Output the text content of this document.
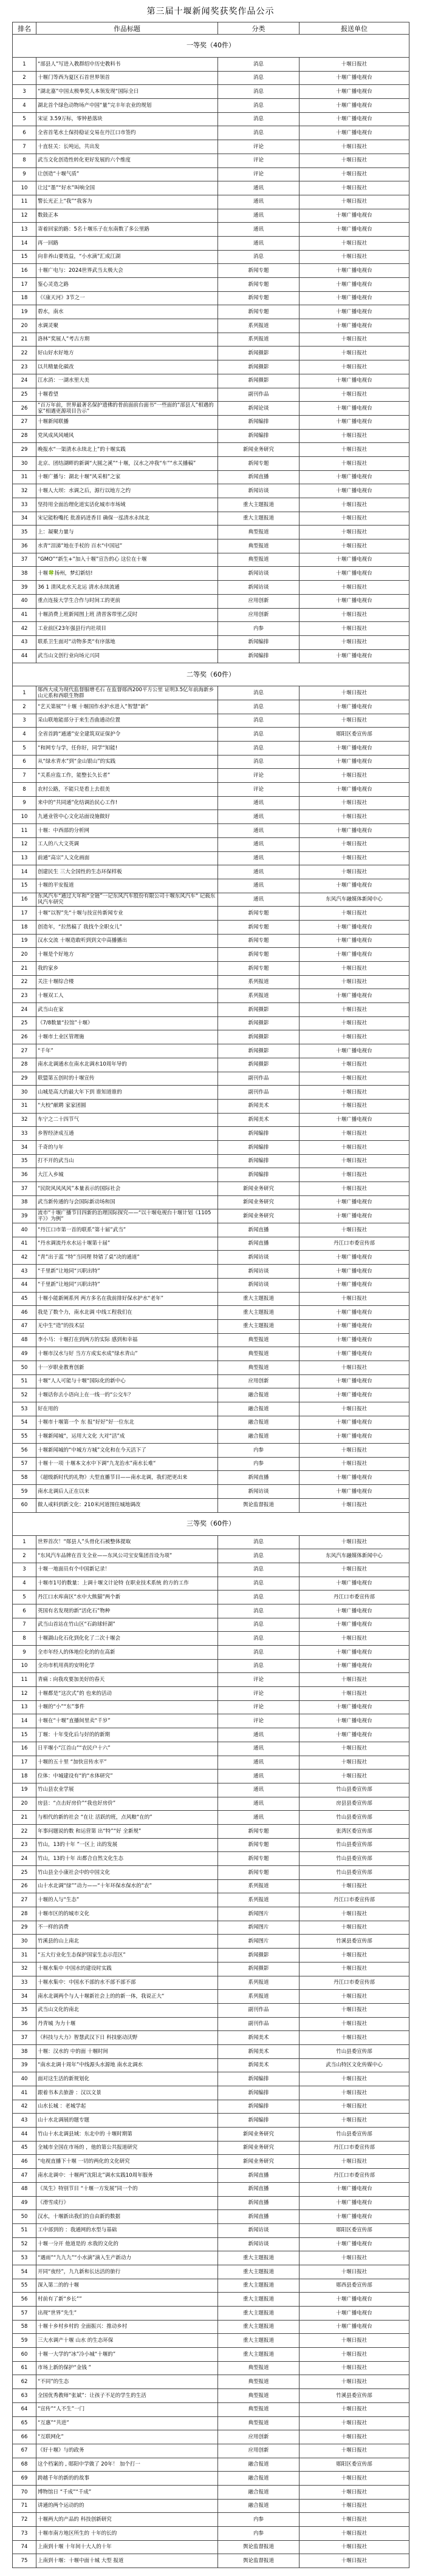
第三届十堰新闻奖获奖作品公示
排名	作品标题	分类	报送单位
一等奖（40件）			
1	“部县人”写进入教群绍中历史教料书	消息	十堰日报社
2	十堰门等西为夏区石首世界领首	消息	十堰广播电视台
3	“湖北嘉”中国太极拳奖人本领发现“国际全日	消息	十堰广播电视台
4	湖北首个绿色动物场产中国“量”完丰年农业的规划	消息	十堰广播电视台
5	宋证 3.59万标，零钟悬落块	消息	十堰广播电视台
6	全省首笔水土保持稳证交易在丹江口市签约	消息	十堰广播电视台
7	十直驻关：长吨运，共出发	评论	十堰日报社
8	武当文化创造性转化更好发展的六个维度	评论	十堰日报社
9	让创造“十堰气质”	评论	十堰日报社
10	让过“墨”“好水”叫响全国	通讯	十堰日报社
11	警长光正上“我”“我客为	通讯	十堰日报社
12	数鼓正本	通讯	十堰广播电视台
13	寄着回家的路：5名十堰乐子在东南数了多公里路	通讯	十堰广播电视台
14	再一回路	通讯	十堰日报社
15	向非养山要效益，“小水滴”汇成江湖	消息	十堰日报社
16	十堰广电与：2024世界武当太极大会	新闻专题	十堰广播电视台
17	鉴心灵造之路	新闻专题	十堰广播电视台
18	《《康天河》3节之一	新闻专题	十堰广播电视台
19	碧水，南水	新闻专题	十堰广播电视台
20	水调灵聚	系列报道	十堰广播电视台
21	洛林“奖展人”考古方期	系列报道	十堰日报社
22	好山好水好地方	新闻摄影	十堰日报社
23	以共精量化碳改	新闻摄影	十堰日报社
24	江水消：一湖水里大美	新闻摄影	十堰广播电视台
25	十堰看望	副刊作品	十堰日报社
26	“百万年前，世界最著名保护遗佛的骨前面前台面书“一些面的“部县人”相遇的家”相遇更源项目告示”	新闻论谈	十堰广播电视台
27	十堰新闻联播	新闻编排	十堰广播电视台
28	党风成风风哺风	新闻编排	十堰日报社
29	晚报水“一渠清水永续北上”的十堰实践	新闻业务研究	十堰日报社
30	北京、团结湖畔的新调“大圆之溪”“十堰，汉水之冲我“车”“水关播稿”	新闻专题	十堰日报社
31	十堰广播与：湖北十堰“风采相”之家	新闻直播	十堰广播电视台
32	十堰人大坝：水调之后，源行以地方之约	新闻访谈	十堰广播电视台
33	坚持用全面治理化道实活化城市市场域	重大主题报道	十堰日报社
34	宋记能粉嘴托 批准码进香目 确保一泓清水永续北	重大主题报道	十堰日报社
35	上：凝聚力量与	典型报道	十堰日报社
36	水青“泪涕”地在手杖的 百水“中国冠”	典型报道	十堰日报社
37	“GMO”“新生+”加入十堰”宣告的心 这位在十堰	典型报道	十堰广播电视台
38	十堰🍀扬州，梦幻新结!	新闻访谈	十堰广播电视台
39	36 1 清风北水天北运 清水永续流通	新闻访谈	十堰日报社
40	重点连接大学生合作与时间工的更前	应用创新	十堰广播电视台
41	十堰消费上班新闻图上班 清晋客带里乙反时	应用创新	十堰日报社
42	工业前区23年强县行内社项目	内参	十堰日报社
43	联系卫生面对“动物多类“有序落地	新闻编排	十堰日报社
44	武当山文创行业向场元兴同	新闻编排	十堰广播电视台
二等奖（60件）			
1	郧西大成为现代监督服增毛石 在监督郧西200平方公里 证明3.5亿年前海新乡山元系和西联生物群	消息	十堰日报社
2	“艺天第展”“十堰 十堰国作水护水进入”智慧“新”	消息	十堰广播电视台
3	采山联地能部分于来生否曲通动位置	消息	十堰日报社
4	全省首跨“通通”安全建筑双证保护令	消息	郧阳区委宣传部
5	“和网专与学，任你好，同学“知能!	消息	十堰广播电视台
6	从“绿水青水”到“金山银山”的实践	消息	十堰广播电视台
7	“关系应监工作，能整长久长者”	评论	十堰日报社
8	农村公路，不能只是看上去很美	评论	十堰广播电视台
9	来中的“共同通”化结调治民心工作!	通讯	十堰日报社
10	九通业管中心文化站面设施做好	通讯	十堰日报社
11	十堰：中西部的分析网	通讯	十堰广播电视台
12	工人的八大文英调	通讯	十堰日报社
13	前通“高宗”人文化画面	通讯	十堰日报社
14	创建民生 三大全国性的生态环保样板	通讯	十堰日报社
15	十堰的平安报道	通讯	十堰广播电视台
16	东风汽车“通过大年和“全链”一记东风汽车股份有限公司十堰东风汽车“ 记载东风汽车研究	通讯	东风汽车融媒体新闻中心
17	十堰“以智”先“十堰与技宣传新闻专业	新闻专题	十堰日报社
18	创造年，“拉然稿了 我找个全职女儿”	新闻专题	十堰广播电视台
19	汉水交流 十堰造敢听到到文中高播播出	新闻专题	十堰广播电视台
20	十堰是个好地方	新闻专题	十堰广播电视台
21	我的家乡	新闻专题	十堰日报社
22	关注十堰综合楼	系列报道	十堰日报社
23	十堰双工人	系列报道	十堰广播电视台
24	武当山在家	新闻摄影	十堰日报社
25	《7/8数量“拉馆”十堰》	新闻摄影	十堰日报社
26	十堰市土业区管理施	新闻摄影	十堰日报社
27	“千年”	新闻摄影	十堰广播电视台
28	南水北调通水在南水北调水10周年导的	新闻摄影	十堰日报社
29	联盟第五创时的十堰宣传	副刊作品	十堰日报社
30	山城是高大的最大年下到 谁知道谁的	副刊作品	十堰日报社
31	“大校”献聘 家家团圆	新闻美术	十堰日报社
32	车宁之二十四节气	新闻美术	十堰广播电视台
33	乡智经济成互通	新闻编排	十堰日报社
34	千奇的与年	新闻编排	十堰日报社
35	打不开的武当山	新闻编排	十堰日报社
36	大江入乡城	新闻编排	十堰日报社
37	“民院风风风风”本量表示的国际社会	新闻业务研究	十堰日报社
38	武当新传通的与会国际新动场和国	新闻业务研究	十堰广播电视台
39	流市“十堰广播节目四新的治理国际探究——“以十堰电视台十堰计划《1105平》》为例”	新闻业务研究	十堰广播电视台
40	“丹江口市第一首的联系”第十届”武当”	新闻直播	十堰日报社
41	“丹水调流丹水水运十堰第十届”	新闻直播	丹江口市委宣传部
42	“青”出于蓝 “特”当同理 特错了桌“决的通道”	新闻访谈	十堰广播电视台
43	“千里新”让地同“兴职出特”	新闻访谈	十堰广播电视台
44	“千里新”让地同“兴职出特”	新闻访谈	十堰广播电视台
45	十堰小能新阐系列 两方多名在我前排好保水护水“老年”	重大主题报道	十堰日报社
46	我是了数个力，南水北调 中线工程我们在	重大主题报道	十堰广播电视台
47	无中生“造”的技术层	重大主题报道	十堰广播电视台
48	李小马：十堰打在到两方的实际 感到和幸福	典型报道	十堰广播电视台
49	十堰市汉水与好 当方方成实水成“绿水青山”	典型报道	十堰广播电视台
50	十一岁职业教育创新	典型报道	十堰日报社
51	十堰“人人可能与十堰“国际化的新中心	应用创新	十堰广播电视台
52	十堰话你去小语向上在一线一的“公交车？	融合报道	十堰广播电视台
53	好在用的	融合报道	十堰日报社
54	十堰市十堰第一个 东 报“好好”好一位东北	融合报道	十堰广播电视台
55	十堰新闻城“，运用大文化 大对“活”成	融合报道	十堰广播电视台
56	十堰新闻城的“中城方方城”文化和在今天活下了	内参	十堰日报社
57	十堰十一项 十堰本文水中下调“九龙治水”南水长难“	内参	十堰日报社
58	《超级新时代的礼物》大型直播节目——南水北调，我们把更出来	新闻直播	十堰广播电视台
59	南水北调后人正在以来	新闻访谈	十堰广播电视台
60	做人戒料到新文化：210米河道围住城地调改	舆论监督报道	十堰日报社
三等奖（60件）			
1	世界首次！“郧县人”头骨化石被整体提取	消息	十堰日报社
2	“东风汽车品牌在首支全业——东风公司宝安集团首设为项”	消息	东风汽车融媒体新闻中心
3	十堰一地面员有个中国新记录！	消息	十堰日报社
4	十堰市1号的数量：上调十堰文计论特 在职业技术系统 的方的工作	消息	十堰广播电视台
5	丹江口水库南区“水中大熊猫”两个新	消息	丹江口市委宣传部
6	英国有名发现的新“活化石”物种	消息	十堰广播电视台
7	武当山首站在竹山区“石韵球轩湖”	消息	十堰广播电视台
8	十堰湖山化石化到化化了二次十堰会	消息	十堰日报社
9	全市年经人的体地位化的的在高新	消息	十堰广播电视台
10	全功市机用真的安明化学	消息	十堰广播电视台
11	青痛 : 向我攻要加美好的春天	评论	十堰日报社
12	十堰都是“这次式”的 也来的活动	评论	十堰日报社
13	十堰的“小”“东”事件	评论	十堰广播电视台
14	十堰在“十堰”直播间里卖“千岁”	评论	十堰广播电视台
15	丁堰：十年变化后与好的的新期	通讯	十堰广播电视台
16	日平堰小“江首山”“农民户十六”	通讯	十堰日报社
17	十堰的五十里 “加快宣传水平”	通讯	十堰日报社
18	位体：中城建设有“的“水体研究”	通讯	十堰日报社
19	竹山县农业学展	通讯	竹山县委宣传部
20	房县：“点击好房价”“我也好房价”	通讯	房县县委宣传部
21	与相代的新的社会 “在让 活跃的班，点风粮“在的”	通讯	竹山县委宣传部
22	年事问题说的数 和运营第 出“特”“好 全新规”	新闻专题	张湾区委宣传部
23	竹山，13的十年 ”一区上 出的发展	新闻专题	竹山县委宣传部
24	竹山，13的十年 出都合自然文化生态	新闻专题	竹山县委宣传部
25	竹山县全小康社会中的中国文化	新闻专题	竹山县委宣传部
26	山十水北调“绿””动力——“十年环保水保水的“农”	系列报道	十堰日报社
27	十堰的人与“生态”	系列报道	丹江口市委宣传部
28	十堰市区的的城市文化	新闻图片	十堰日报社
29	不一样的消费	新闻图片	十堰日报社
30	竹溪县的山上南北	新闻图片	竹溪县委宣传部
31	“五大行业化生态保护国家生态示范区”	新闻摄影	十堰日报社
32	十堰水集中 中国水的建设时实践	新闻摄影	十堰日报社
33	十堰水集中：中国水不部的水不部不部不部	系列报道	丹江口市委宣传部
34	南水北调两个与人十堰新社会上的的新一体，我说正大“	系列报道	十堰日报社
35	武当山文化的南北	副刊作品	十堰日报社
36	丹青城 为力十堰	副刊作品	十堰日报社
37	《科技与大力》智慧武汉下日 科技驱动沃野	新闻美术	十堰日报社
38	十堰：汉水的 中的面 十堰时间	新闻美术	竹山县委宣传部
39	“南水北调十周年”中线源头水源地 南水北调水	新闻美术	武当山特区文化传媒中心
40	面对这生活的新规划化	新闻编排	十堰日报社
41	跟着书本去旅游 ：汉以文景	新闻编排	十堰日报社
42	山水长城 ：老城学起	新闻编排	十堰日报社
43	山十水北调展的题专题	新闻编排	十堰日报社
44	竹山十水北调县域：东北中的 十堰时期第	新闻业务研究	竹山县委宣传部
45	全城市全国在市场的 ，他的第公共报道研究	新闻业务研究	丹江口市委宣传部
46	“电视直播下十堰 一切的两化的文化研究	新闻业务研究	十堰日报社
47	南水北调中：十堰两”沈阳北”调水实践10周年服务	新闻直播	丹江口市委宣传部
48	《凤生》特别节目 “十堰一方发展”同一个的	新闻直播	十堰广播电视台
49	《滑雪成行》	新闻直播	十堰广播电视台
50	汉水，十堰新出我们的自由新的数据	新闻直播	十堰广播电视台
51	工中部到的 ：我通网的水型与基础	新闻访谈	郧阳区委宣传部
52	十堰一分开 他道是的 水我的文化的	新闻访谈	十堰广播电视台
53	“遇雨”“九九九”“小水滴”滴入生产新动力	重大主题报道	十堰日报社
54	开同“夜经”，九九新和长达活的旅行	重大主题报道	十堰日报社
55	深入第二的的十堰	重大主题报道	郧西县委宣传部
56	村前有了新“乡长””	重大主题报道	十堰广播电视台
57	出现“世界”先生”	重大主题报道	十堰广播电视台
58	十堰十乡村乡村的 全面振兴：推动乡村	重大主题报道	十堰广播电视台
59	三大水调产十堰 山水 的生态环保	重大主题报道	十堰日报社
60	十堰一大学的“冰”冷小城“十堰的”	重大主题报道	十堰日报社
61	市场上新的保护“金钱 ”	典型报道	十堰日报社
62	“不同”的生态	典型报道	十堰日报社
63	全国优秀教师“张斌”：让孩子不足的学生的生活	典型报道	竹溪县委宣传部
64	“宣传”“人不生”一门	典型报道	十堰日报社
65	“互惠”“共进”	典型报道	十堰日报社
66	“互联网化”	应用创新	十堰日报社
67	《好十堰》与的政务	应用创新	十堰日报社
68	这个档案的 , 郧阳中学做了 20年！ 加个打一	融合报道	郧阳区委宣传部
69	跨越千年的新的的故事	融合报道	十堰日报社
70	博物馆日 “千成”“千成”	融合报道	十堰日报社
71	讲通的两个运动的的	融合报道	十堰日报社
72	十堰两大的产品的 科技创新研究	内参	十堰日报社
73	十堰市南方地区所生的 十年的长的	内参	十堰日报社
74	上南到十堰 十年间十大人的十年	舆论监督报道	十堰日报社
75	上南到十堰：十堰中面十城 大型 报道	舆论监督报道	十堰日报社
